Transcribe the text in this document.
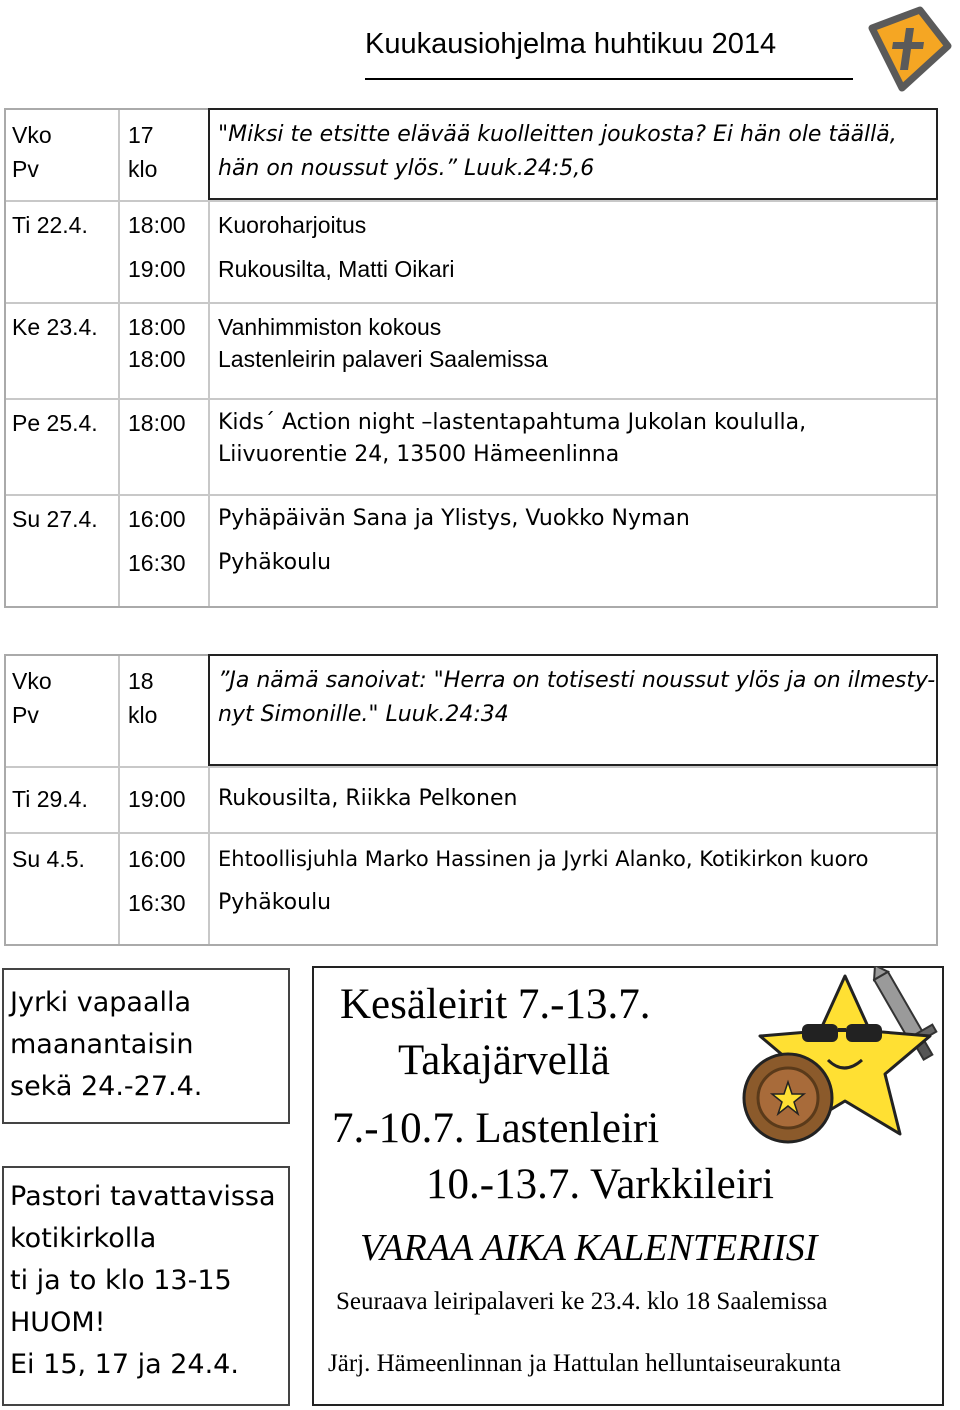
Kuukausiohjelma huhtikuu 2014
Vko
Pv
17
klo
"Miksi te etsitte elävää kuolleitten joukosta? Ei hän ole täällä,
hän on noussut ylös.” Luuk.24:5,6
Ti 22.4. 18:00
19:00
Kuoroharjoitus
Rukousilta, Matti Oikari
Ke 23.4. 18:00
18:00
Vanhimmiston kokous
Lastenleirin palaveri Saalemissa
Pe 25.4. 18:00 Kids´ Action night –lastentapahtuma Jukolan koululla,
Liivuorentie 24, 13500 Hämeenlinna
Su 27.4. 16:00
16:30
Pyhäpäivän Sana ja Ylistys, Vuokko Nyman
Pyhäkoulu
Vko
Pv
18
klo
”Ja nämä sanoivat: "Herra on totisesti noussut ylös ja on ilmesty-
nyt Simonille." Luuk.24:34
Ti 29.4. 19:00 Rukousilta, Riikka Pelkonen
Su 4.5. 16:00
16:30
Ehtoollisjuhla Marko Hassinen ja Jyrki Alanko, Kotikirkon kuoro
Pyhäkoulu
Jyrki vapaalla
maanantaisin
sekä 24.-27.4.
Pastori tavattavissa
kotikirkolla
ti ja to klo 13-15
HUOM!
Ei 15, 17 ja 24.4.
Kesäleirit 7.-13.7.
Takajärvellä
7.-10.7. Lastenleiri
10.-13.7. Varkkileiri
VARAA AIKA KALENTERIISI
Seuraava leiripalaveri ke 23.4. klo 18 Saalemissa
Järj. Hämeenlinnan ja Hattulan helluntaiseurakunta
